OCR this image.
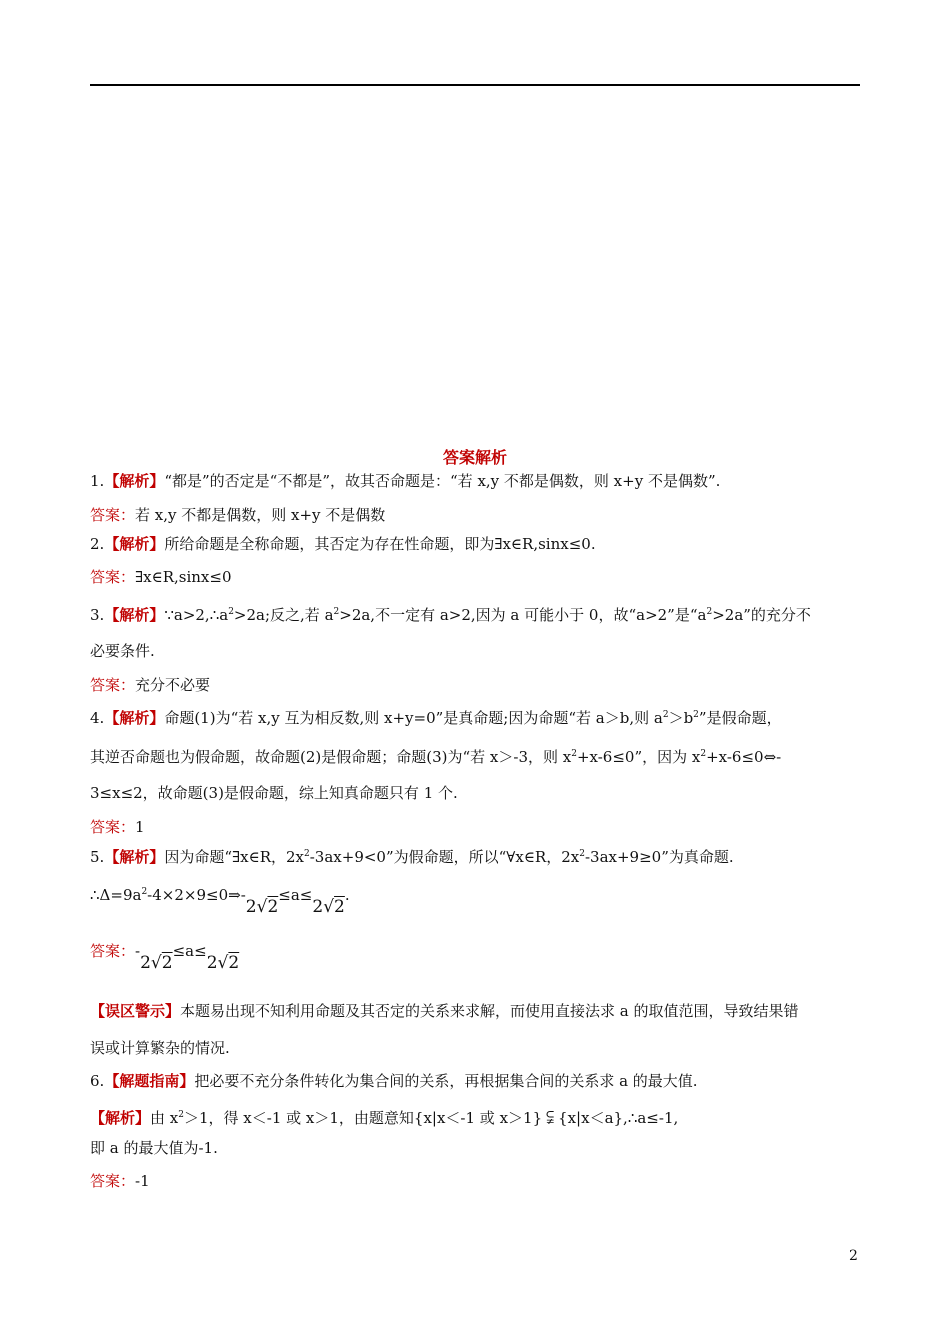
答案解析
1.【解析】“都是”的否定是“不都是”，故其否命题是：“若 x,y 不都是偶数，则 x+y 不是偶数”.
答案：若 x,y 不都是偶数，则 x+y 不是偶数
2.【解析】所给命题是全称命题，其否定为存在性命题，即为∃x∈R,sinx≤0.
答案：∃x∈R,sinx≤0
3.【解析】$\because a>2,\therefore a^2>2a$;反之,若 $a^2>2a$,不一定有 a>2,因为 a 可能小于 0，故“a>2”是“$a^2>2a$”的充分不
必要条件.
答案：充分不必要
4.【解析】命题(1)为“若 x,y 互为相反数,则 x+y=0”是真命题;因为命题“若 a＞b,则 $a^2>b^2$”是假命题，
其逆否命题也为假命题，故命题(2)是假命题；命题(3)为“若 x＞-3，则 $x^2+x-6\le 0$”，因为 $x^2+x-6\le 0\Leftrightarrow-$
3≤x≤2，故命题(3)是假命题，综上知真命题只有 1 个.
答案：1
5.【解析】因为命题“∃x∈R，$2x^2-3ax+9<0$”为假命题，所以“∀x∈R，$2x^2-3ax+9\ge 0$”为真命题.
$\therefore\Delta=9a^2-4\times 2\times 9\le 0\Rightarrow-2√2\le a\le 2√2$.
答案：-2√2≤a≤2√2
【误区警示】本题易出现不知利用命题及其否定的关系来求解，而使用直接法求 a 的取值范围，导致结果错
误或计算繁杂的情况.
6.【解题指南】把必要不充分条件转化为集合间的关系，再根据集合间的关系求 a 的最大值.
【解析】由 $x^2>1$，得 x＜-1 或 x＞1，由题意知{x|x＜-1 或 x＞1} ⫋ {x|x＜a},∴a≤-1,
即 a 的最大值为-1.
答案：-1
2
